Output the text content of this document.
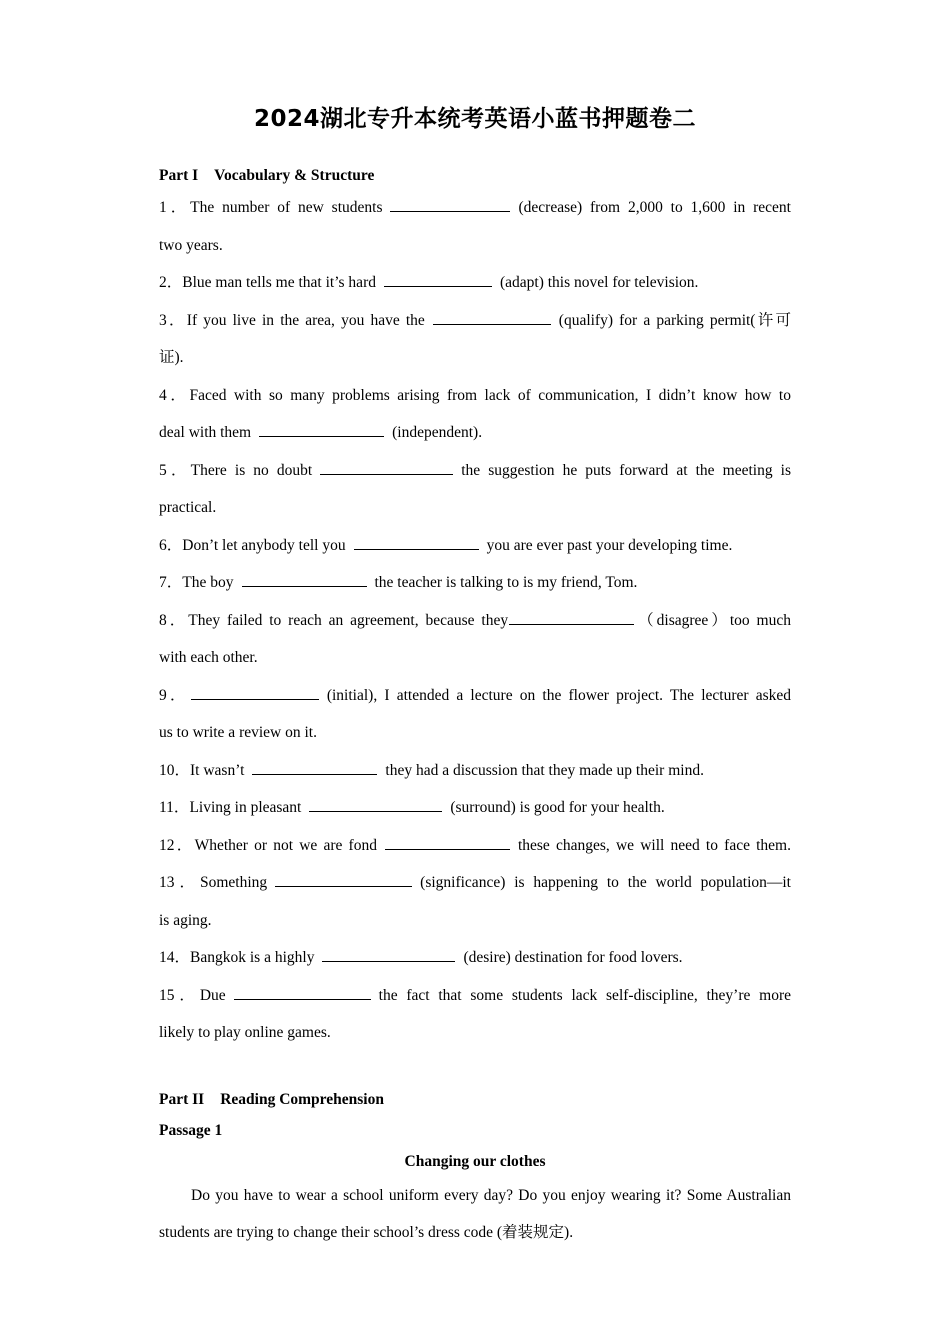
2024湖北专升本统考英语小蓝书押题卷二

Part I Vocabulary & Structure

1．The number of new students	(decrease) from 2,000 to 1,600 in recent

two years.

2．Blue man tells me that it’s hard	(adapt) this novel for television.

3．If you live in the area, you have the	(qualify) for a parking permit(许可

证).

4．Faced with so many problems arising from lack of communication, I didn’t know how to

deal with them	(independent).

5．There is no doubt	the suggestion he puts forward at the meeting is

practical.

6．Don’t let anybody tell you	you are ever past your developing time.

7．The boy	the teacher is talking to is my friend, Tom.

8．They failed to reach an agreement, because they	（disagree）too much

with each other.

9．	(initial), I attended a lecture on the flower project. The lecturer asked

us to write a review on it.

10．It wasn’t	they had a discussion that they made up their mind.

11．Living in pleasant	(surround) is good for your health.

12．Whether or not we are fond	these changes, we will need to face them.

13．Something	(significance) is happening to the world population—it

is aging.

14．Bangkok is a highly	(desire) destination for food lovers.

15．Due	the fact that some students lack self-discipline, they’re more

likely to play online games.

Part II Reading Comprehension

Passage 1

Changing our clothes

Do you have to wear a school uniform every day? Do you enjoy wearing it? Some Australian students are trying to change their school’s dress code (着装规定).
